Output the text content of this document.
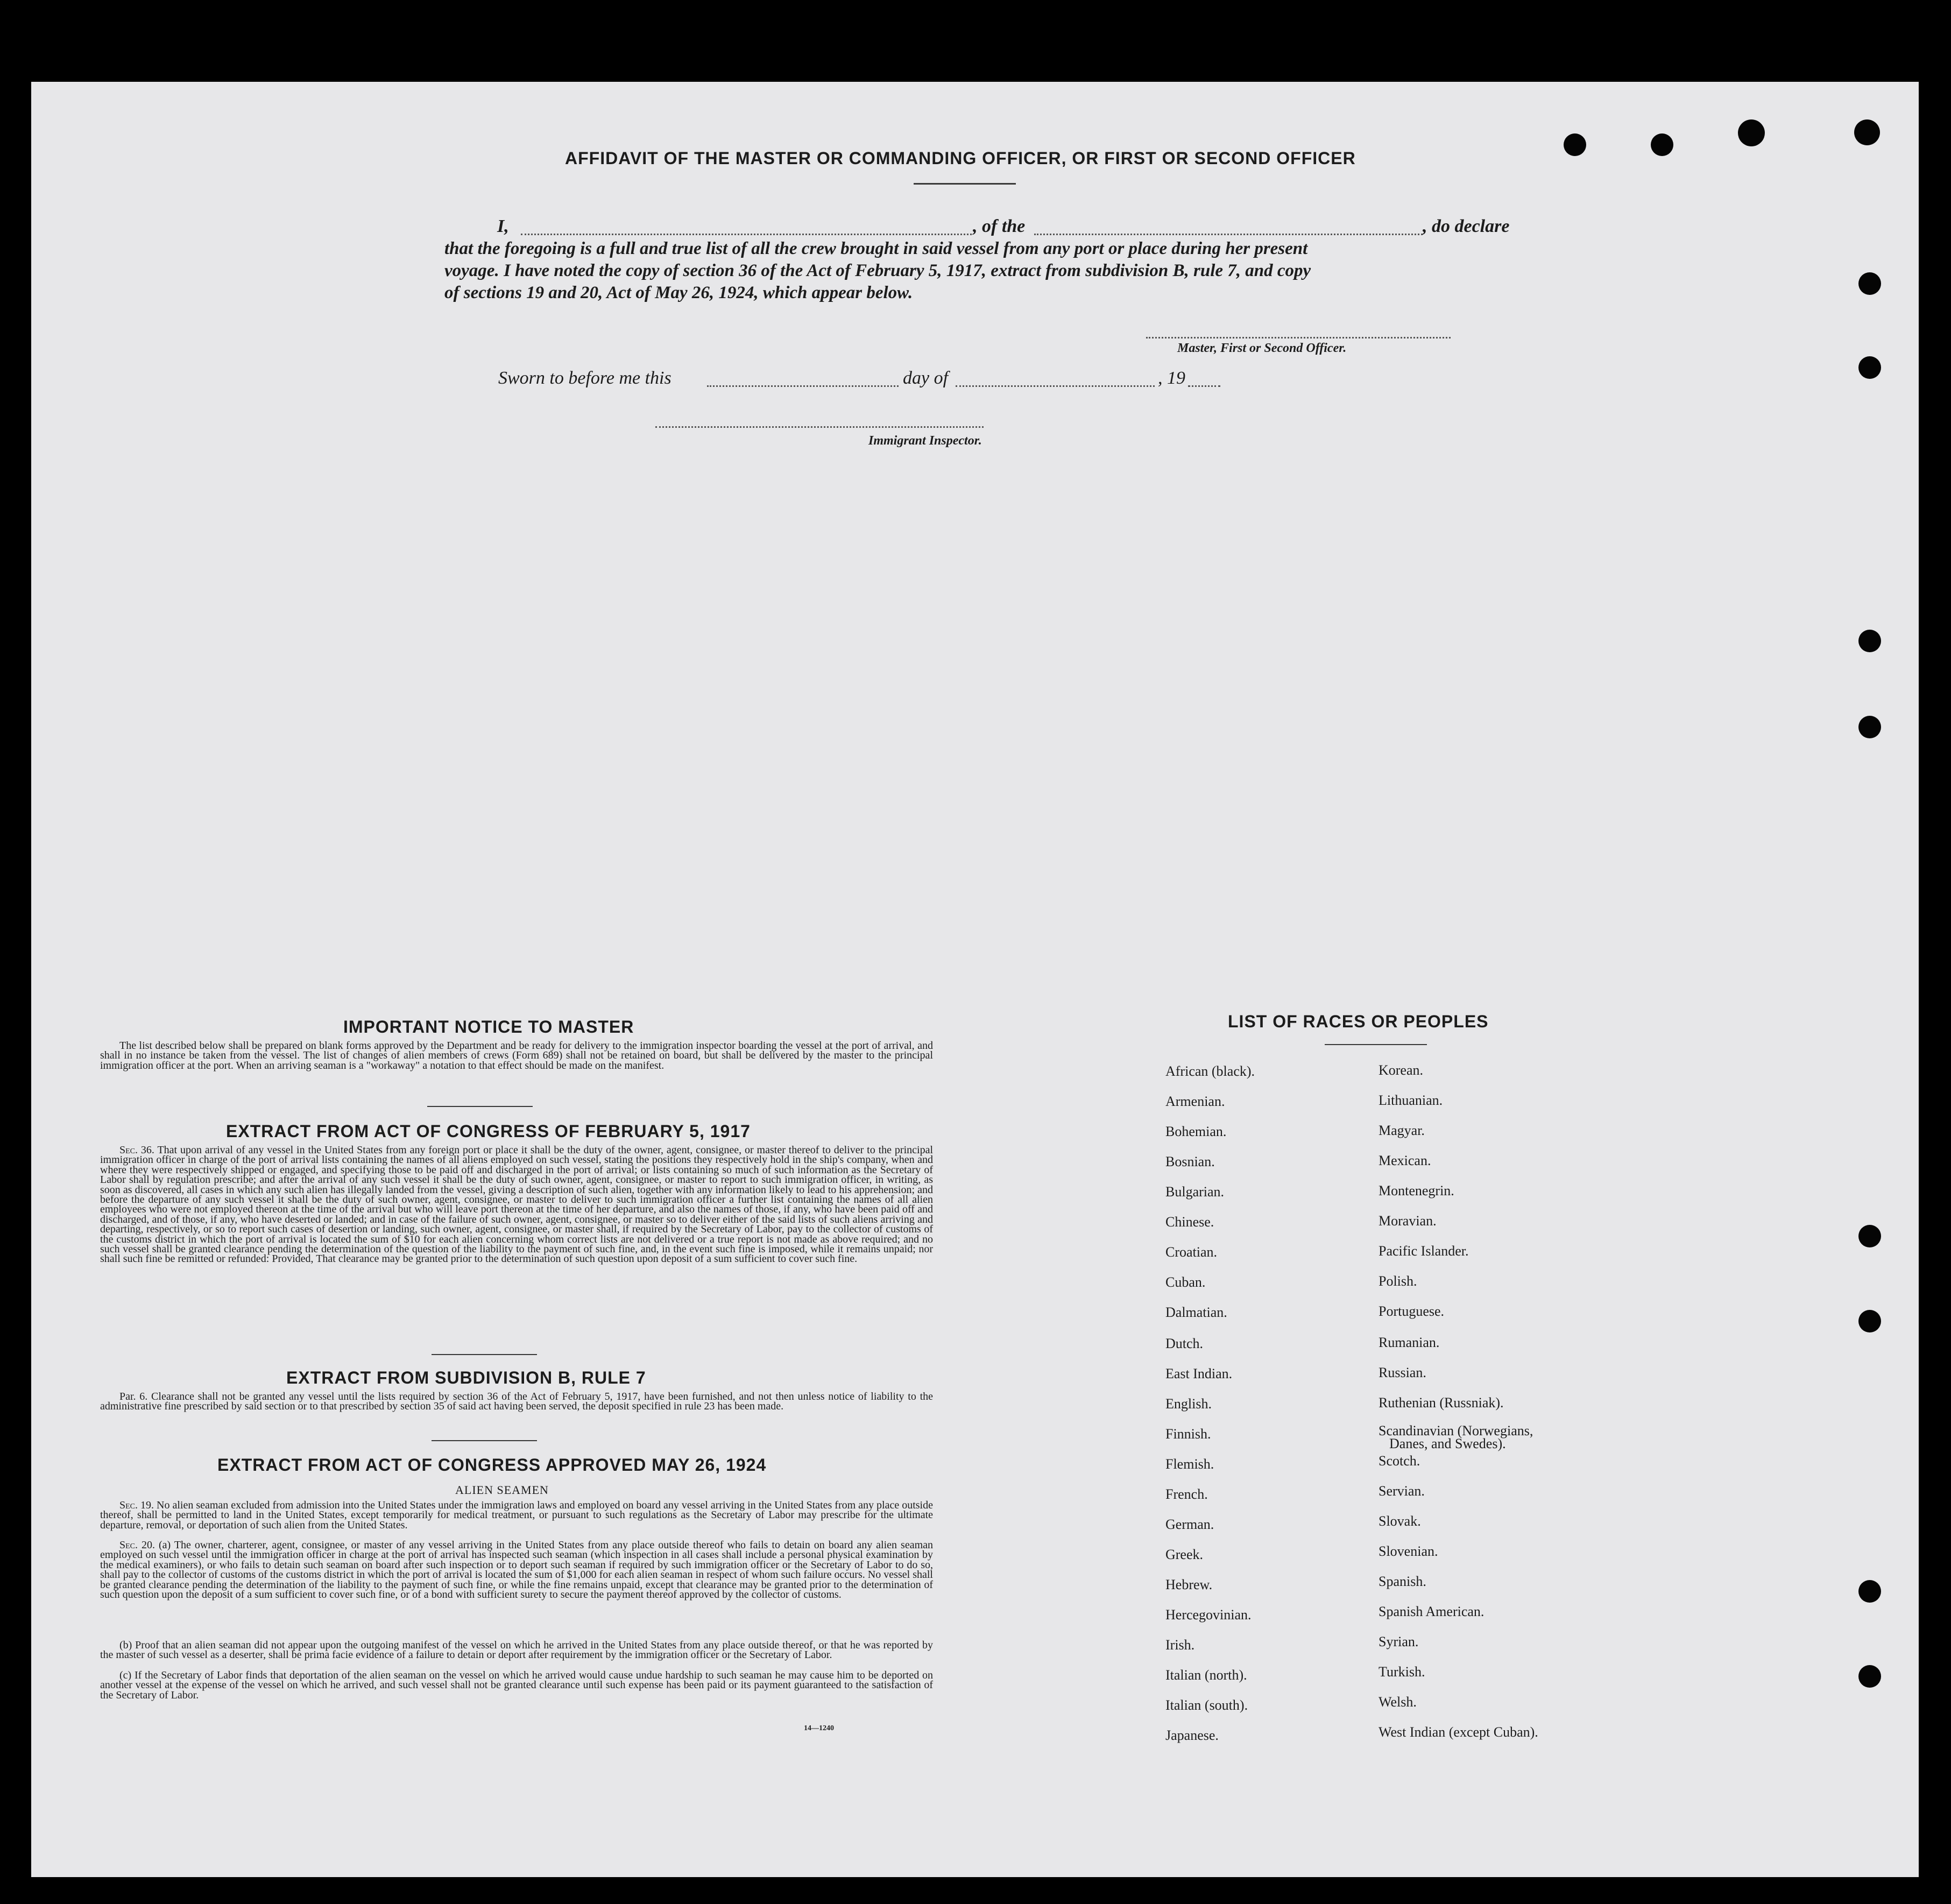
AFFIDAVIT OF THE MASTER OR COMMANDING OFFICER, OR FIRST OR SECOND OFFICER
I,	, of the	, do declare
that the foregoing is a full and true list of all the crew brought in said vessel from any port or place during her present
voyage. I have noted the copy of section 36 of the Act of February 5, 1917, extract from subdivision B, rule 7, and copy
of sections 19 and 20, Act of May 26, 1924, which appear below.
Master, First or Second Officer.
Sworn to before me this	day of	, 19
Immigrant Inspector.
IMPORTANT NOTICE TO MASTER
The list described below shall be prepared on blank forms approved by the Department and be ready for delivery to the immigration inspector boarding the vessel at the port of arrival, and shall in no instance be taken from the vessel. The list of changes of alien members of crews (Form 689) shall not be retained on board, but shall be delivered by the master to the principal immigration officer at the port. When an arriving seaman is a "workaway" a notation to that effect should be made on the manifest.
EXTRACT FROM ACT OF CONGRESS OF FEBRUARY 5, 1917
Sec. 36. That upon arrival of any vessel in the United States from any foreign port or place it shall be the duty of the owner, agent, consignee, or master thereof to deliver to the principal immigration officer in charge of the port of arrival lists containing the names of all aliens employed on such vessel, stating the positions they respectively hold in the ship's company, when and where they were respectively shipped or engaged, and specifying those to be paid off and discharged in the port of arrival; or lists containing so much of such information as the Secretary of Labor shall by regulation prescribe; and after the arrival of any such vessel it shall be the duty of such owner, agent, consignee, or master to report to such immigration officer, in writing, as soon as discovered, all cases in which any such alien has illegally landed from the vessel, giving a description of such alien, together with any information likely to lead to his apprehension; and before the departure of any such vessel it shall be the duty of such owner, agent, consignee, or master to deliver to such immigration officer a further list containing the names of all alien employees who were not employed thereon at the time of the arrival but who will leave port thereon at the time of her departure, and also the names of those, if any, who have been paid off and discharged, and of those, if any, who have deserted or landed; and in case of the failure of such owner, agent, consignee, or master so to deliver either of the said lists of such aliens arriving and departing, respectively, or so to report such cases of desertion or landing, such owner, agent, consignee, or master shall, if required by the Secretary of Labor, pay to the collector of customs of the customs district in which the port of arrival is located the sum of $10 for each alien concerning whom correct lists are not delivered or a true report is not made as above required; and no such vessel shall be granted clearance pending the determination of the question of the liability to the payment of such fine, and, in the event such fine is imposed, while it remains unpaid; nor shall such fine be remitted or refunded: Provided, That clearance may be granted prior to the determination of such question upon deposit of a sum sufficient to cover such fine.
EXTRACT FROM SUBDIVISION B, RULE 7
Par. 6. Clearance shall not be granted any vessel until the lists required by section 36 of the Act of February 5, 1917, have been furnished, and not then unless notice of liability to the administrative fine prescribed by said section or to that prescribed by section 35 of said act having been served, the deposit specified in rule 23 has been made.
EXTRACT FROM ACT OF CONGRESS APPROVED MAY 26, 1924
ALIEN SEAMEN
Sec. 19. No alien seaman excluded from admission into the United States under the immigration laws and employed on board any vessel arriving in the United States from any place outside thereof, shall be permitted to land in the United States, except temporarily for medical treatment, or pursuant to such regulations as the Secretary of Labor may prescribe for the ultimate departure, removal, or deportation of such alien from the United States.
Sec. 20. (a) The owner, charterer, agent, consignee, or master of any vessel arriving in the United States from any place outside thereof who fails to detain on board any alien seaman employed on such vessel until the immigration officer in charge at the port of arrival has inspected such seaman (which inspection in all cases shall include a personal physical examination by the medical examiners), or who fails to detain such seaman on board after such inspection or to deport such seaman if required by such immigration officer or the Secretary of Labor to do so, shall pay to the collector of customs of the customs district in which the port of arrival is located the sum of $1,000 for each alien seaman in respect of whom such failure occurs. No vessel shall be granted clearance pending the determination of the liability to the payment of such fine, or while the fine remains unpaid, except that clearance may be granted prior to the determination of such question upon the deposit of a sum sufficient to cover such fine, or of a bond with sufficient surety to secure the payment thereof approved by the collector of customs.
(b) Proof that an alien seaman did not appear upon the outgoing manifest of the vessel on which he arrived in the United States from any place outside thereof, or that he was reported by the master of such vessel as a deserter, shall be prima facie evidence of a failure to detain or deport after requirement by the immigration officer or the Secretary of Labor.
(c) If the Secretary of Labor finds that deportation of the alien seaman on the vessel on which he arrived would cause undue hardship to such seaman he may cause him to be deported on another vessel at the expense of the vessel on which he arrived, and such vessel shall not be granted clearance until such expense has been paid or its payment guaranteed to the satisfaction of the Secretary of Labor.
14—1240
LIST OF RACES OR PEOPLES
African (black).
Armenian.
Bohemian.
Bosnian.
Bulgarian.
Chinese.
Croatian.
Cuban.
Dalmatian.
Dutch.
East Indian.
English.
Finnish.
Flemish.
French.
German.
Greek.
Hebrew.
Hercegovinian.
Irish.
Italian (north).
Italian (south).
Japanese.
Korean.
Lithuanian.
Magyar.
Mexican.
Montenegrin.
Moravian.
Pacific Islander.
Polish.
Portuguese.
Rumanian.
Russian.
Ruthenian (Russniak).
Scandinavian (Norwegians,
Danes, and Swedes).
Scotch.
Servian.
Slovak.
Slovenian.
Spanish.
Spanish American.
Syrian.
Turkish.
Welsh.
West Indian (except Cuban).
